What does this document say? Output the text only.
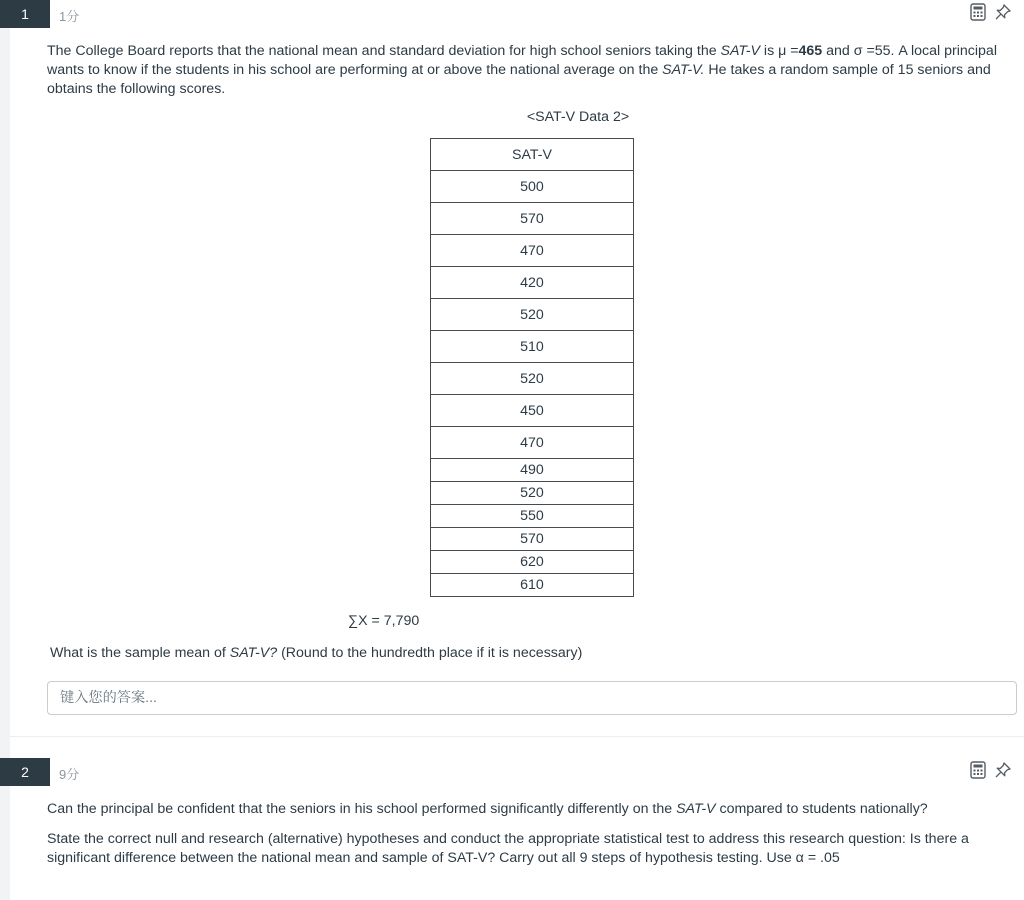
1	1分
The College Board reports that the national mean and standard deviation for high school seniors taking the SAT-V is μ =465 and σ =55. A local principal wants to know if the students in his school are performing at or above the national average on the SAT-V. He takes a random sample of 15 seniors and obtains the following scores.
<SAT-V Data 2>
SAT-V
500
570
470
420
520
510
520
450
470
490
520
550
570
620
610
∑X = 7,790
What is the sample mean of SAT-V? (Round to the hundredth place if it is necessary)
键入您的答案...
2	9分
Can the principal be confident that the seniors in his school performed significantly differently on the SAT-V compared to students nationally?
State the correct null and research (alternative) hypotheses and conduct the appropriate statistical test to address this research question: Is there a significant difference between the national mean and sample of SAT-V? Carry out all 9 steps of hypothesis testing. Use α = .05
